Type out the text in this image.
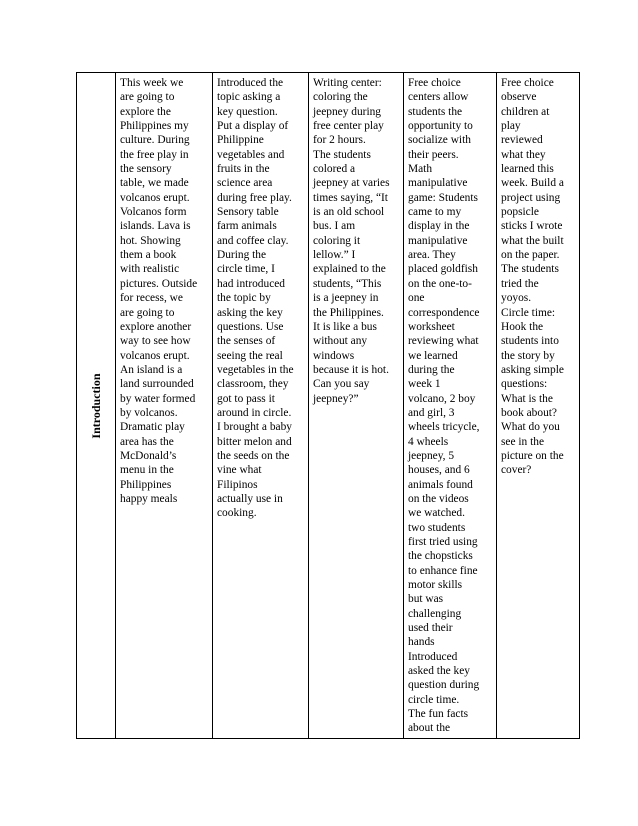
Introduction

This week we
are going to
explore the
Philippines my
culture. During
the free play in
the sensory
table, we made
volcanos erupt.
Volcanos form
islands. Lava is
hot. Showing
them a book
with realistic
pictures. Outside
for recess, we
are going to
explore another
way to see how
volcanos erupt.
An island is a
land surrounded
by water formed
by volcanos.
Dramatic play
area has the
McDonald’s
menu in the
Philippines
happy meals

Introduced the
topic asking a
key question.
Put a display of
Philippine
vegetables and
fruits in the
science area
during free play.
Sensory table
farm animals
and coffee clay.
During the
circle time, I
had introduced
the topic by
asking the key
questions. Use
the senses of
seeing the real
vegetables in the
classroom, they
got to pass it
around in circle.
I brought a baby
bitter melon and
the seeds on the
vine what
Filipinos
actually use in
cooking.

Writing center:
coloring the
jeepney during
free center play
for 2 hours.
The students
colored a
jeepney at varies
times saying, “It
is an old school
bus. I am
coloring it
lellow.” I
explained to the
students, “This
is a jeepney in
the Philippines.
It is like a bus
without any
windows
because it is hot.
Can you say
jeepney?”

Free choice
centers allow
students the
opportunity to
socialize with
their peers.
Math
manipulative
game: Students
came to my
display in the
manipulative
area. They
placed goldfish
on the one-to-
one
correspondence
worksheet
reviewing what
we learned
during the
week 1
volcano, 2 boy
and girl, 3
wheels tricycle,
4 wheels
jeepney, 5
houses, and 6
animals found
on the videos
we watched.
two students
first tried using
the chopsticks
to enhance fine
motor skills
but was
challenging
used their
hands
Introduced
asked the key
question during
circle time.
The fun facts
about the

Free choice
observe
children at
play
reviewed
what they
learned this
week. Build a
project using
popsicle
sticks I wrote
what the built
on the paper.
The students
tried the
yoyos.
Circle time:
Hook the
students into
the story by
asking simple
questions:
What is the
book about?
What do you
see in the
picture on the
cover?
